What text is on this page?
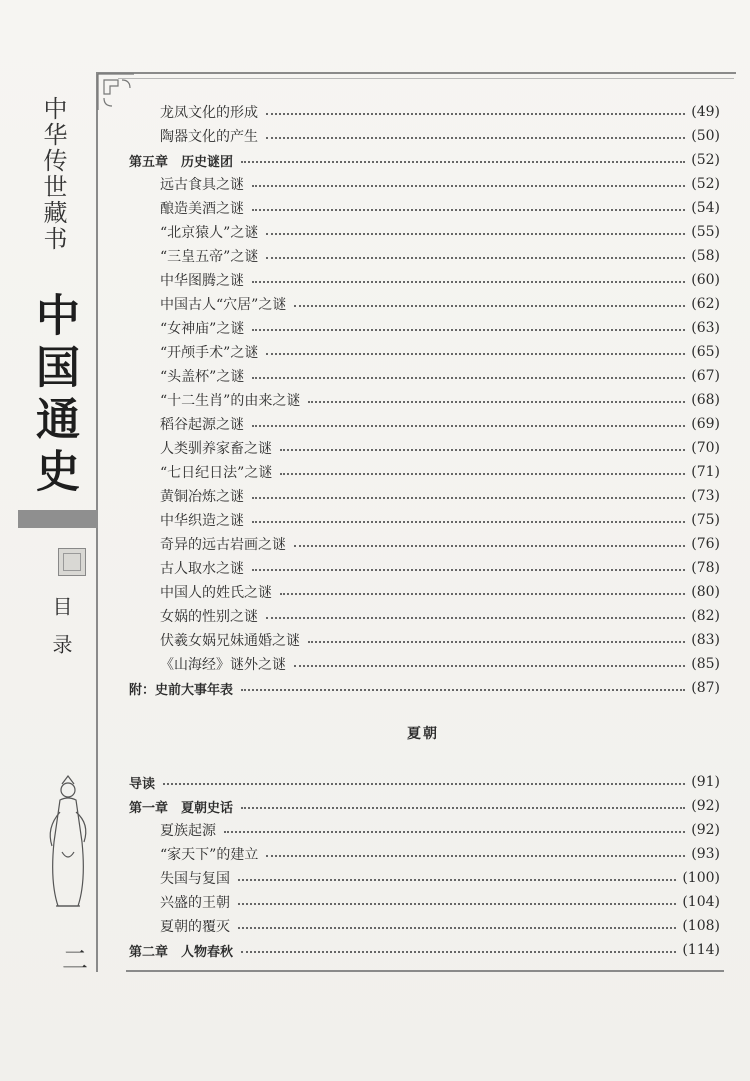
中华传世藏书
中国通史
目录
二
龙凤文化的形成	(49)
陶器文化的产生	(50)
第五章　历史谜团	(52)
远古食具之谜	(52)
酿造美酒之谜	(54)
“北京猿人”之谜	(55)
“三皇五帝”之谜	(58)
中华图腾之谜	(60)
中国古人“穴居”之谜	(62)
“女神庙”之谜	(63)
“开颅手术”之谜	(65)
“头盖杯”之谜	(67)
“十二生肖”的由来之谜	(68)
稻谷起源之谜	(69)
人类驯养家畜之谜	(70)
“七日纪日法”之谜	(71)
黄铜冶炼之谜	(73)
中华织造之谜	(75)
奇异的远古岩画之谜	(76)
古人取水之谜	(78)
中国人的姓氏之谜	(80)
女娲的性别之谜	(82)
伏羲女娲兄妹通婚之谜	(83)
《山海经》谜外之谜	(85)
附：史前大事年表	(87)
夏朝
导读	(91)
第一章　夏朝史话	(92)
夏族起源	(92)
“家天下”的建立	(93)
失国与复国	(100)
兴盛的王朝	(104)
夏朝的覆灭	(108)
第二章　人物春秋	(114)
